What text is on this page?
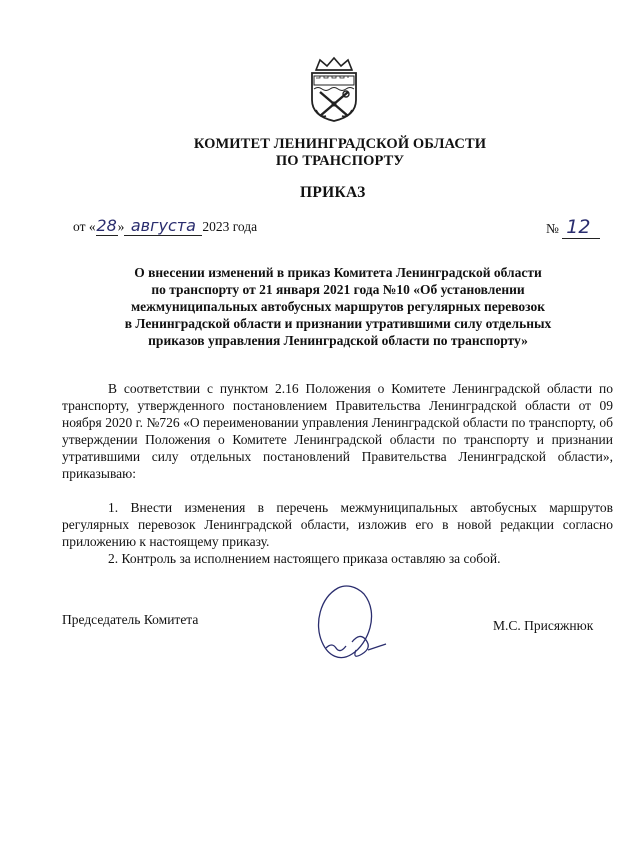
КОМИТЕТ ЛЕНИНГРАДСКОЙ ОБЛАСТИ
ПО ТРАНСПОРТУ
ПРИКАЗ
от «28» августа 2023 года	№ 12
О внесении изменений в приказ Комитета Ленинградской области
по транспорту от 21 января 2021 года №10 «Об установлении
межмуниципальных автобусных маршрутов регулярных перевозок
в Ленинградской области и признании утратившими силу отдельных
приказов управления Ленинградской области по транспорту»

В соответствии с пунктом 2.16 Положения о Комитете Ленинградской области по транспорту, утвержденного постановлением Правительства Ленинградской области от 09 ноября 2020 г. №726 «О переименовании управления Ленинградской области по транспорту, об утверждении Положения о Комитете Ленинградской области по транспорту и признании утратившими силу отдельных постановлений Правительства Ленинградской области», приказываю:

1. Внести изменения в перечень межмуниципальных автобусных маршрутов регулярных перевозок Ленинградской области, изложив его в новой редакции согласно приложению к настоящему приказу.

2. Контроль за исполнением настоящего приказа оставляю за собой.

Председатель Комитета	М.С. Присяжнюк
